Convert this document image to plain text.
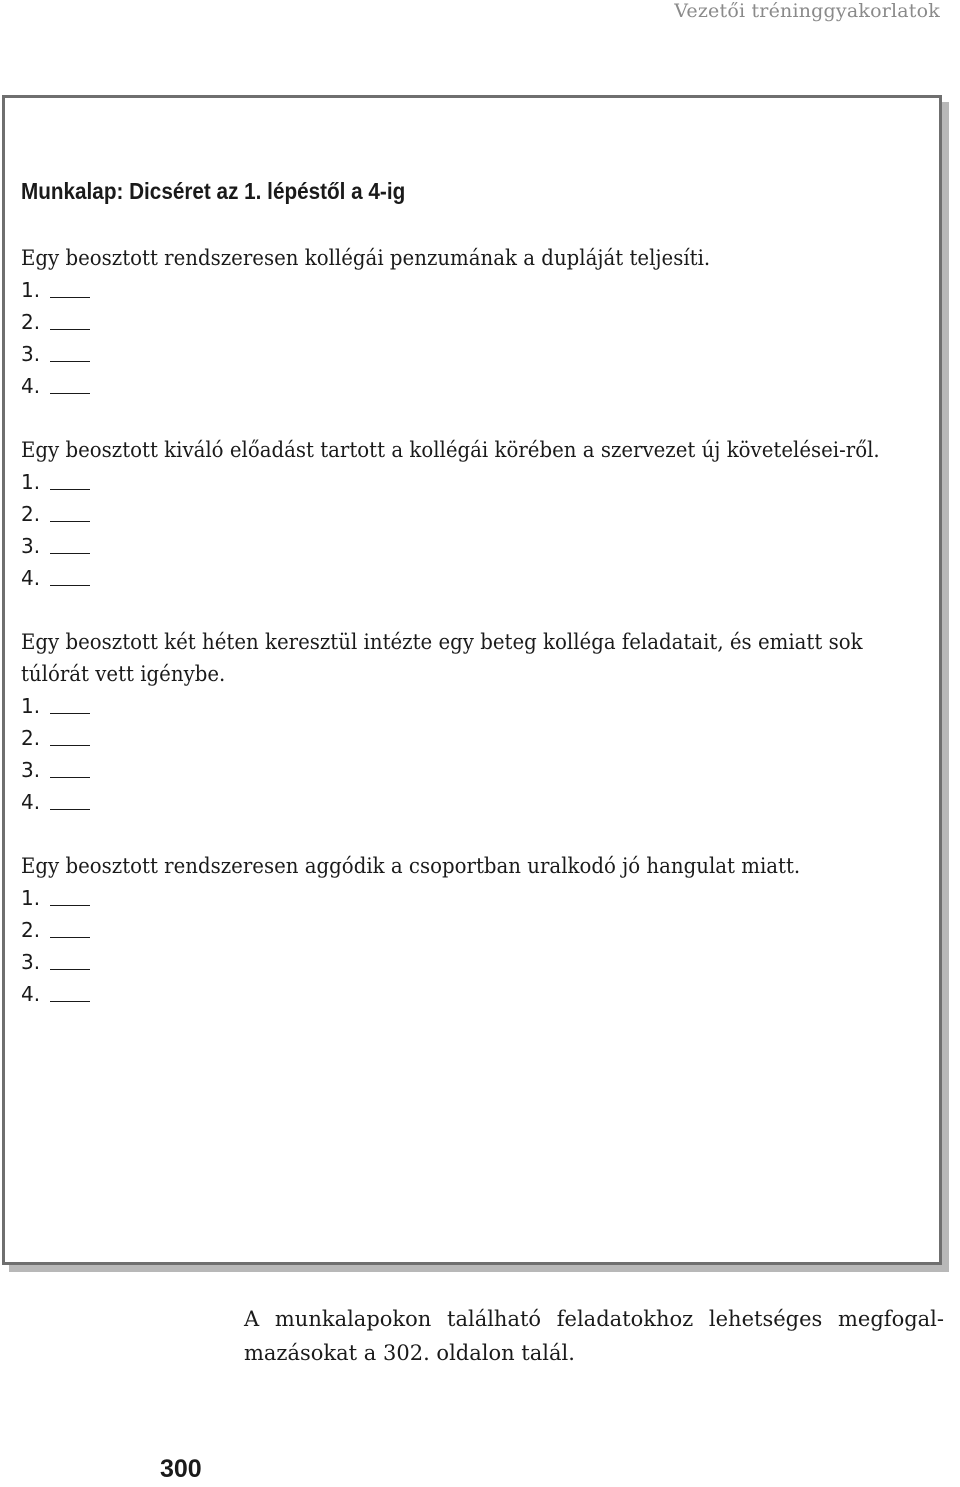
Vezetői tréninggyakorlatok
Munkalap: Dicséret az 1. lépéstől a 4-ig

Egy beosztott rendszeresen kollégái penzumának a dupláját teljesíti.

1.
2.
3.
4.

Egy beosztott kiváló előadást tartott a kollégái körében a szervezet új követelései-ről.

1.
2.
3.
4.

Egy beosztott két héten keresztül intézte egy beteg kolléga feladatait, és emiatt sok túlórát vett igénybe.

1.
2.
3.
4.

Egy beosztott rendszeresen aggódik a csoportban uralkodó jó hangulat miatt.

1.
2.
3.
4.

A munkalapokon található feladatokhoz lehetséges megfogal-mazásokat a 302. oldalon talál.

300
